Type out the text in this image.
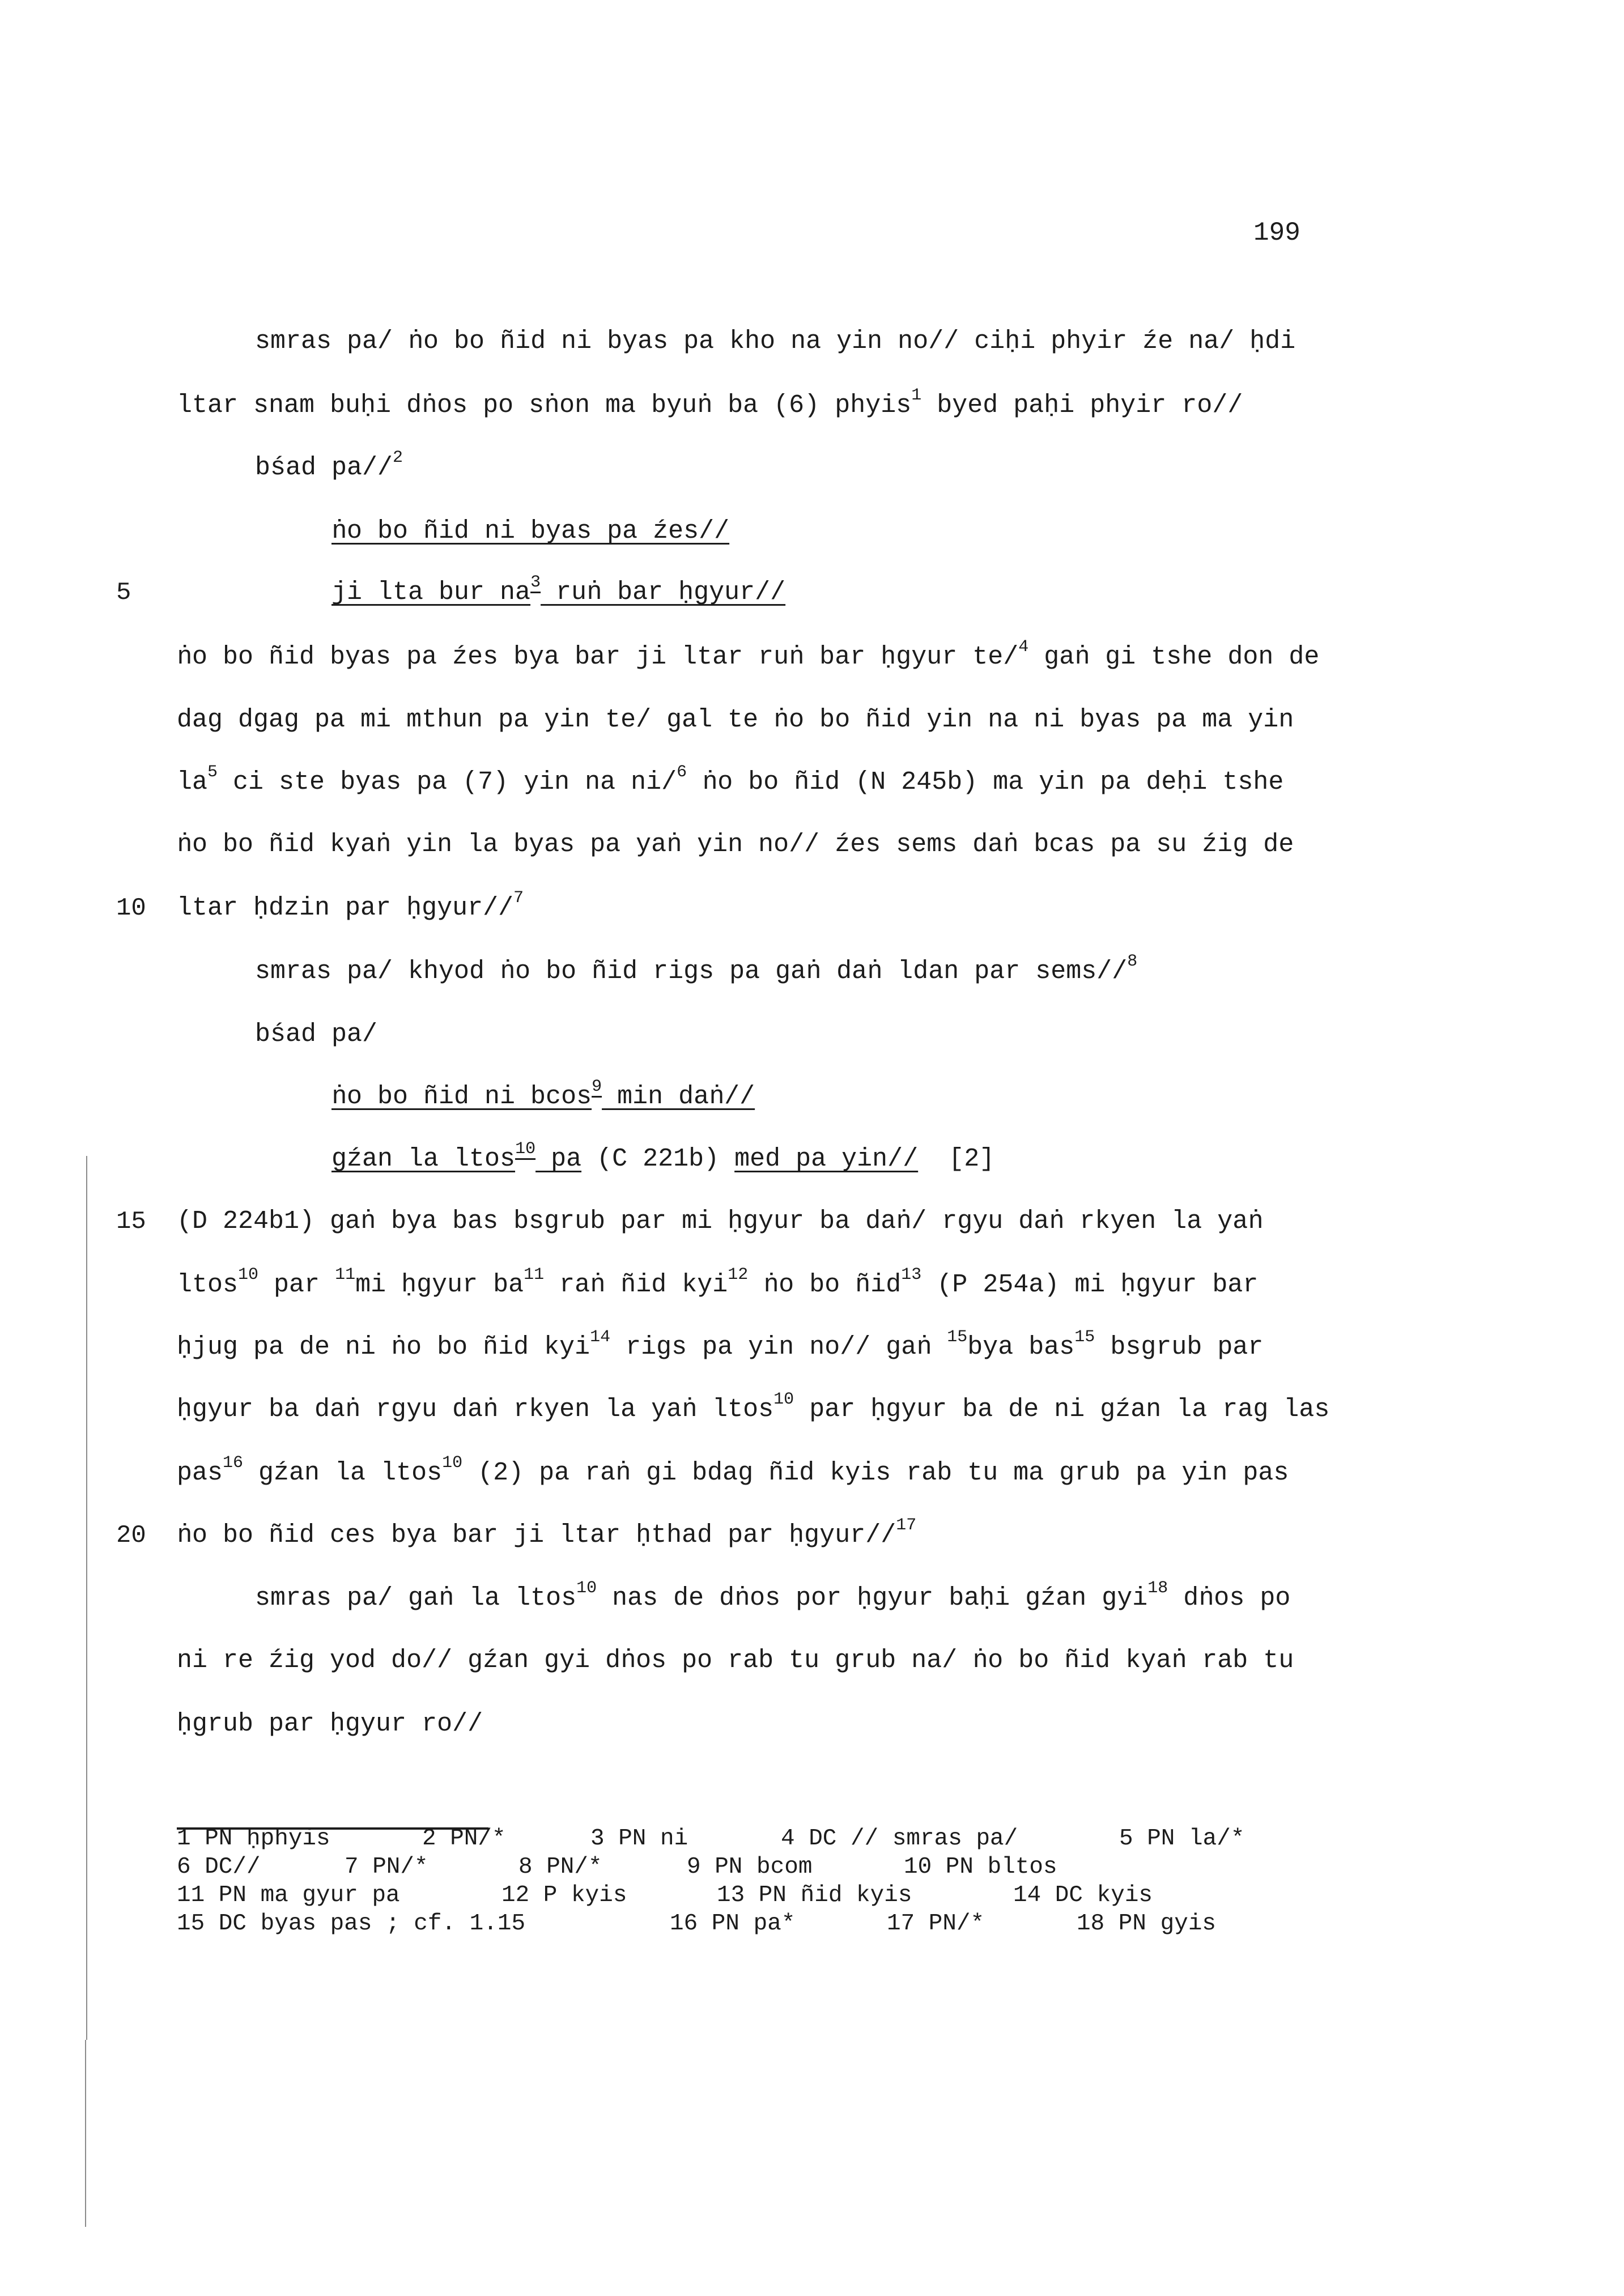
199
smras pa/ ṅo bo ñid ni byas pa kho na yin no// ciḥi phyir źe na/ ḥdi
ltar snam buḥi dṅos po sṅon ma byuṅ ba (6) phyis$^1$ byed paḥi phyir ro//
bśad pa//$^2$
ṅo bo ñid ni byas pa źes//
5	ji lta bur $na^3$ ruṅ bar ḥgyur//
ṅo bo ñid byas pa źes bya bar ji ltar ruṅ bar ḥgyur te/$^4$ gaṅ gi tshe don de
dag dgag pa mi mthun pa yin te/ gal te ṅo bo ñid yin na ni byas pa ma yin
$la^5$ ci ste byas pa (7) yin na ni/$^6$ ṅo bo ñid (N 245b) ma yin pa deḥi tshe
ṅo bo ñid kyaṅ yin la byas pa yaṅ yin no// źes sems daṅ bcas pa su źig de
10 ltar ḥdzin par ḥgyur//$^7$
smras pa/ khyod ṅo bo ñid rigs pa gaṅ daṅ ldan par sems//$^8$
bśad pa/
ṅo bo ñid ni bcos$^9$ min daṅ//
gźan la ltos$^{10}$ pa (C 221b) med pa yin//  [2]
15 (D 224b1) gaṅ bya bas bsgrub par mi ḥgyur ba daṅ/ rgyu daṅ rkyen la yaṅ
ltos$^{10}$ par $^{11}$mi ḥgyur $ba^{11}$ raṅ ñid kyi$^{12}$ ṅo bo ñid$^{13}$ (P 254a) mi ḥgyur bar
ḥjug pa de ni ṅo bo ñid kyi$^{14}$ rigs pa yin no// gaṅ $^{15}$bya bas$^{15}$ bsgrub par
ḥgyur ba daṅ rgyu daṅ rkyen la yaṅ ltos$^{10}$ par ḥgyur ba de ni gźan la rag las
pas$^{16}$ gźan la ltos$^{10}$ (2) pa raṅ gi bdag ñid kyis rab tu ma grub pa yin pas
20 ṅo bo ñid ces bya bar ji ltar ḥthad par ḥgyur//$^{17}$
smras pa/ gaṅ la ltos$^{10}$ nas de dṅos por ḥgyur baḥi gźan gyi$^{18}$ dṅos po
ni re źig yod do// gźan gyi dṅos po rab tu grub na/ ṅo bo ñid kyaṅ rab tu
ḥgrub par ḥgyur ro//
1 PN ḥphyis	2 PN/*	3 PN ni	4 DC // smras pa/	5 PN la/*
6 DC//	7 PN/*	8 PN/*	9 PN bcom	10 PN bltos
11 PN ma gyur pa	12 P kyis	13 PN ñid kyis	14 DC kyis
15 DC byas pas ; cf. 1.15	16 PN pa*	17 PN/*	18 PN gyis
